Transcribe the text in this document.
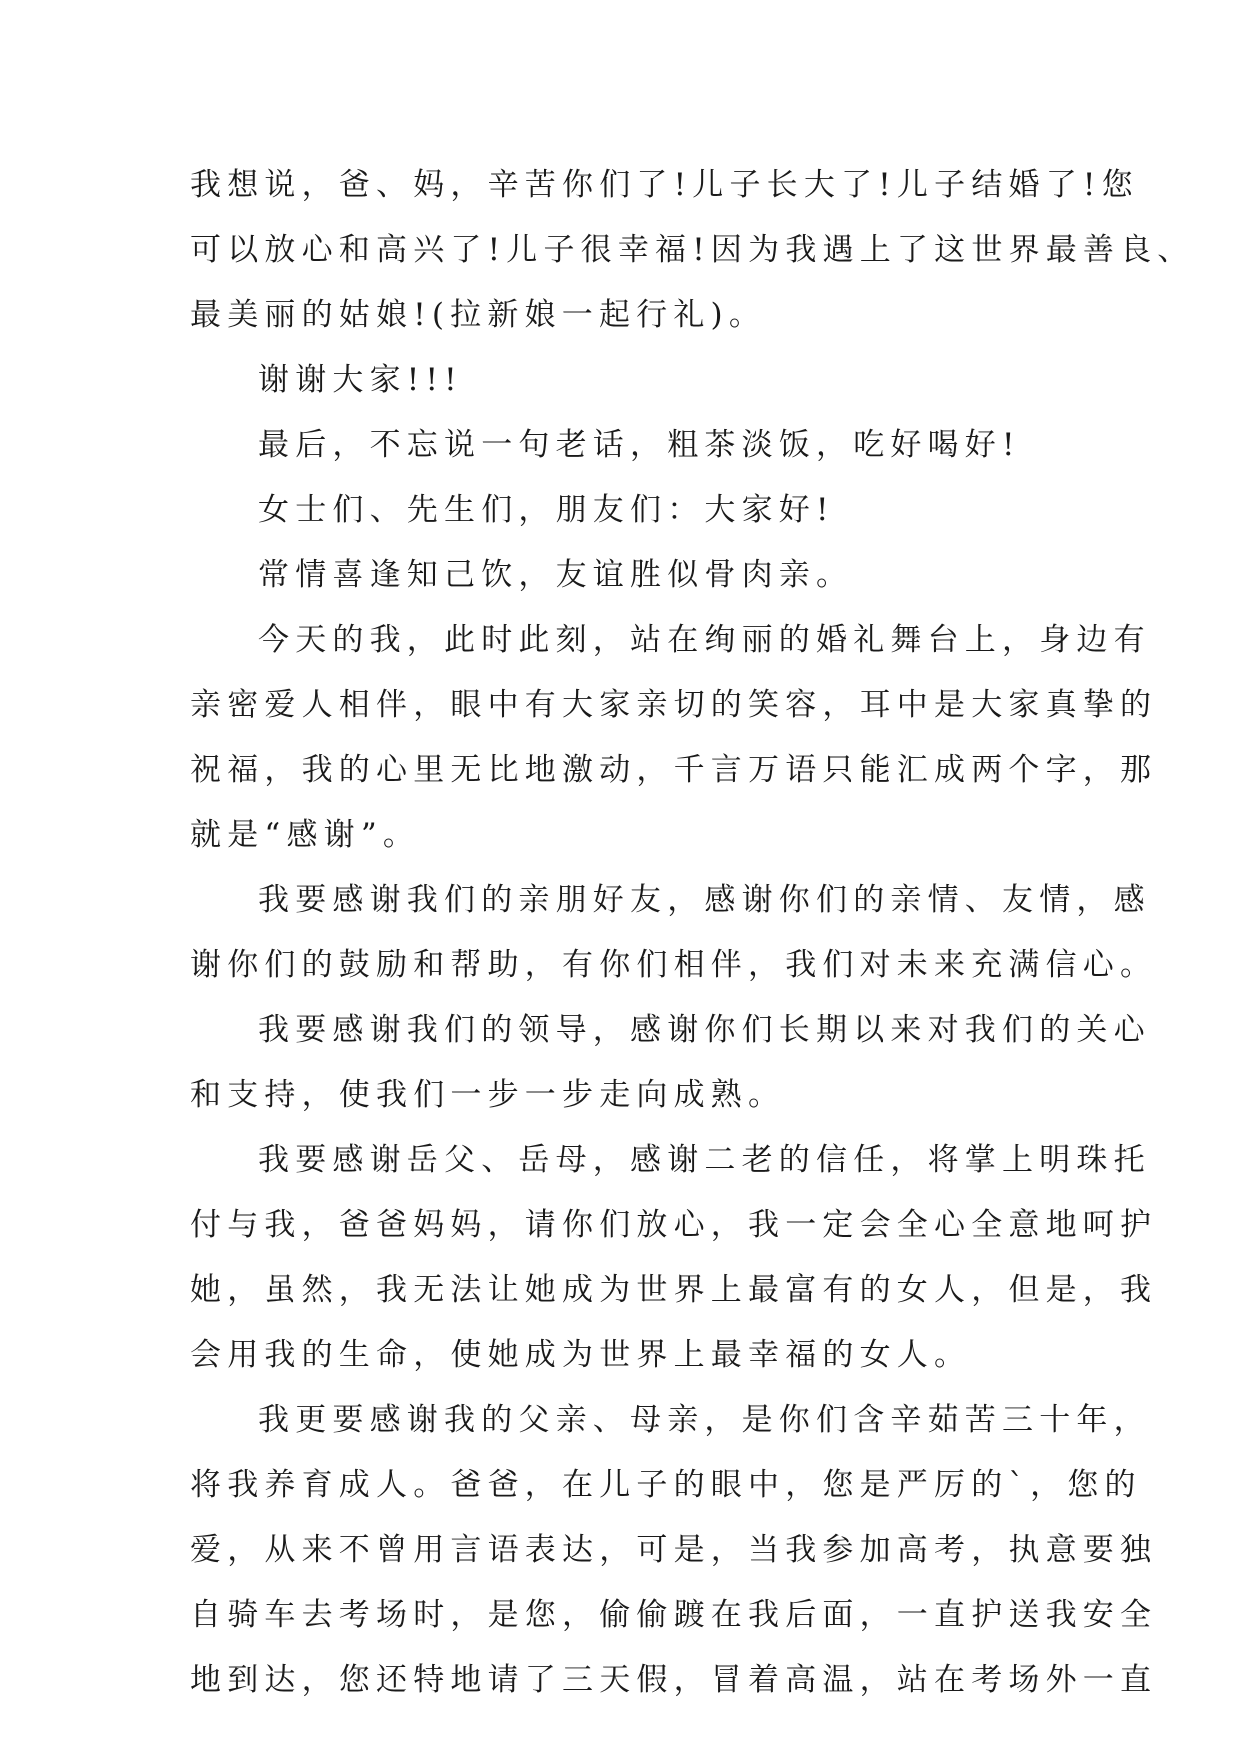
我想说，爸、妈，辛苦你们了!儿子长大了!儿子结婚了!您
可以放心和高兴了!儿子很幸福!因为我遇上了这世界最善良、
最美丽的姑娘!(拉新娘一起行礼)。
谢谢大家!!!
最后，不忘说一句老话，粗茶淡饭，吃好喝好!
女士们、先生们，朋友们：大家好!
常情喜逢知己饮，友谊胜似骨肉亲。
今天的我，此时此刻，站在绚丽的婚礼舞台上，身边有
亲密爱人相伴，眼中有大家亲切的笑容，耳中是大家真挚的
祝福，我的心里无比地激动，千言万语只能汇成两个字，那
就是“感谢”。
我要感谢我们的亲朋好友，感谢你们的亲情、友情，感
谢你们的鼓励和帮助，有你们相伴，我们对未来充满信心。
我要感谢我们的领导，感谢你们长期以来对我们的关心
和支持，使我们一步一步走向成熟。
我要感谢岳父、岳母，感谢二老的信任，将掌上明珠托
付与我，爸爸妈妈，请你们放心，我一定会全心全意地呵护
她，虽然，我无法让她成为世界上最富有的女人，但是，我
会用我的生命，使她成为世界上最幸福的女人。
我更要感谢我的父亲、母亲，是你们含辛茹苦三十年，
将我养育成人。爸爸，在儿子的眼中，您是严厉的`，您的
爱，从来不曾用言语表达，可是，当我参加高考，执意要独
自骑车去考场时，是您，偷偷踱在我后面，一直护送我安全
地到达，您还特地请了三天假，冒着高温，站在考场外一直
